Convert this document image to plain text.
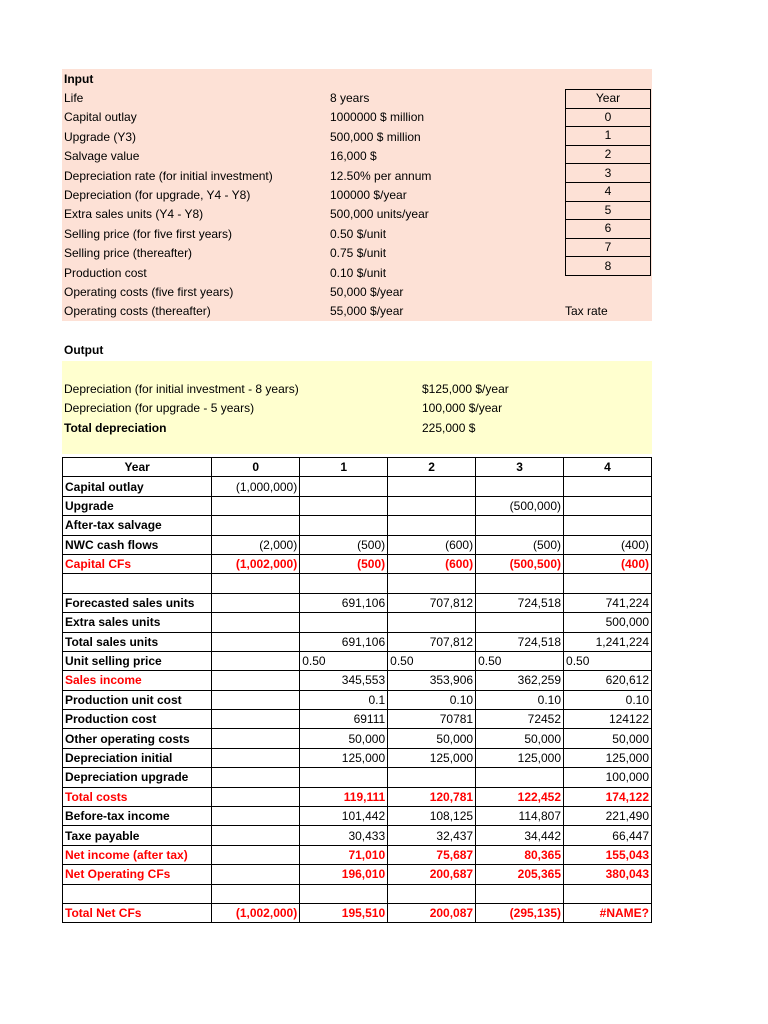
Input
Life	8 years
Capital outlay	1000000 $ million
Upgrade (Y3)	500,000 $ million
Salvage value	16,000 $
Depreciation rate (for initial investment)	12.50% per annum
Depreciation (for upgrade, Y4 - Y8)	100000 $/year
Extra sales units (Y4 - Y8)	500,000 units/year
Selling price (for five first years)	0.50 $/unit
Selling price (thereafter)	0.75 $/unit
Production cost	0.10 $/unit
Operating costs (five first years)	50,000 $/year
Operating costs (thereafter)	55,000 $/year
Year
0
1
2
3
4
5
6
7
8
Tax rate
Output
Depreciation (for initial investment - 8 years)	$125,000 $/year
Depreciation (for upgrade - 5 years)	100,000 $/year
Total depreciation	225,000 $
Year	0	1	2	3	4
Capital outlay	(1,000,000)				
Upgrade				(500,000)	
After-tax salvage					
NWC cash flows	(2,000)	(500)	(600)	(500)	(400)
Capital CFs	(1,002,000)	(500)	(600)	(500,500)	(400)

Forecasted sales units		691,106	707,812	724,518	741,224
Extra sales units					500,000
Total sales units		691,106	707,812	724,518	1,241,224
Unit selling price		0.50	0.50	0.50	0.50
Sales income		345,553	353,906	362,259	620,612
Production unit cost		0.1	0.10	0.10	0.10
Production cost		69111	70781	72452	124122
Other operating costs		50,000	50,000	50,000	50,000
Depreciation initial		125,000	125,000	125,000	125,000
Depreciation upgrade					100,000
Total costs		119,111	120,781	122,452	174,122
Before-tax income		101,442	108,125	114,807	221,490
Taxe payable		30,433	32,437	34,442	66,447
Net income (after tax)		71,010	75,687	80,365	155,043
Net Operating CFs		196,010	200,687	205,365	380,043

Total Net CFs	(1,002,000)	195,510	200,087	(295,135)	#NAME?
